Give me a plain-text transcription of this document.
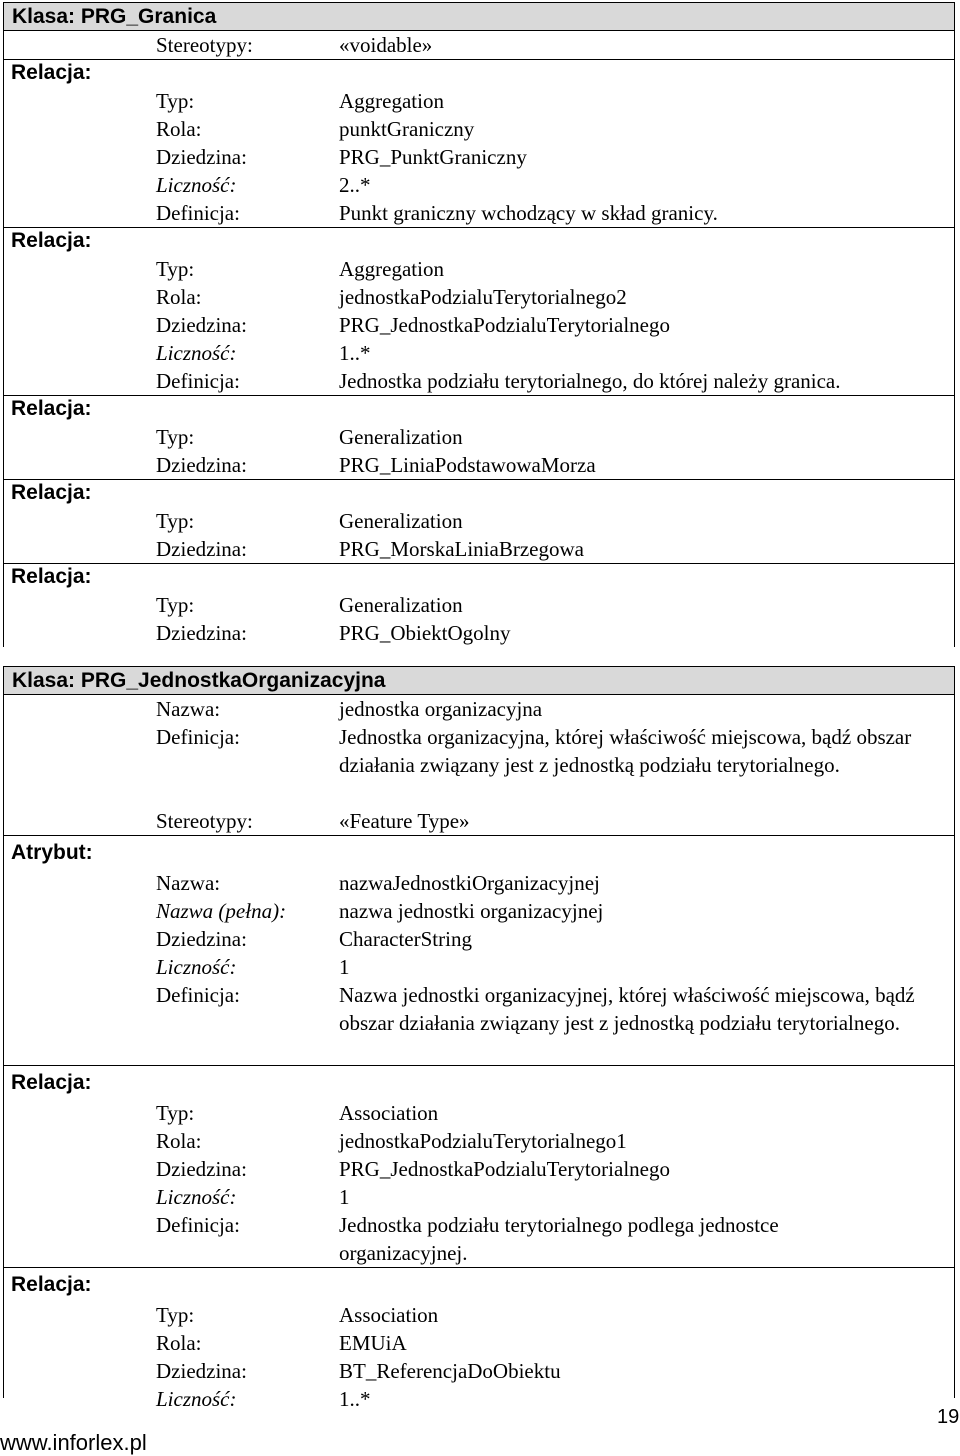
Klasa: PRG_Granica
Stereotypy:	«voidable»
Relacja:
Typ:	Aggregation
Rola:	punktGraniczny
Dziedzina:	PRG_PunktGraniczny
Liczność:	2..*
Definicja:	Punkt graniczny wchodzący w skład granicy.
Relacja:
Typ:	Aggregation
Rola:	jednostkaPodzialuTerytorialnego2
Dziedzina:	PRG_JednostkaPodzialuTerytorialnego
Liczność:	1..*
Definicja:	Jednostka podziału terytorialnego, do której należy granica.
Relacja:
Typ:	Generalization
Dziedzina:	PRG_LiniaPodstawowaMorza
Relacja:
Typ:	Generalization
Dziedzina:	PRG_MorskaLiniaBrzegowa
Relacja:
Typ:	Generalization
Dziedzina:	PRG_ObiektOgolny
Klasa: PRG_JednostkaOrganizacyjna
Nazwa:	jednostka organizacyjna
Definicja:	Jednostka organizacyjna, której właściwość miejscowa, bądź obszar działania związany jest z jednostką podziału terytorialnego.
Stereotypy:	«Feature Type»
Atrybut:
Nazwa:	nazwaJednostkiOrganizacyjnej
Nazwa (pełna):	nazwa jednostki organizacyjnej
Dziedzina:	CharacterString
Liczność:	1
Definicja:	Nazwa jednostki organizacyjnej, której właściwość miejscowa, bądź obszar działania związany jest z jednostką podziału terytorialnego.
Relacja:
Typ:	Association
Rola:	jednostkaPodzialuTerytorialnego1
Dziedzina:	PRG_JednostkaPodzialuTerytorialnego
Liczność:	1
Definicja:	Jednostka podziału terytorialnego podlega jednostce organizacyjnej.
Relacja:
Typ:	Association
Rola:	EMUiA
Dziedzina:	BT_ReferencjaDoObiektu
Liczność:	1..*
www.inforlex.pl
19
